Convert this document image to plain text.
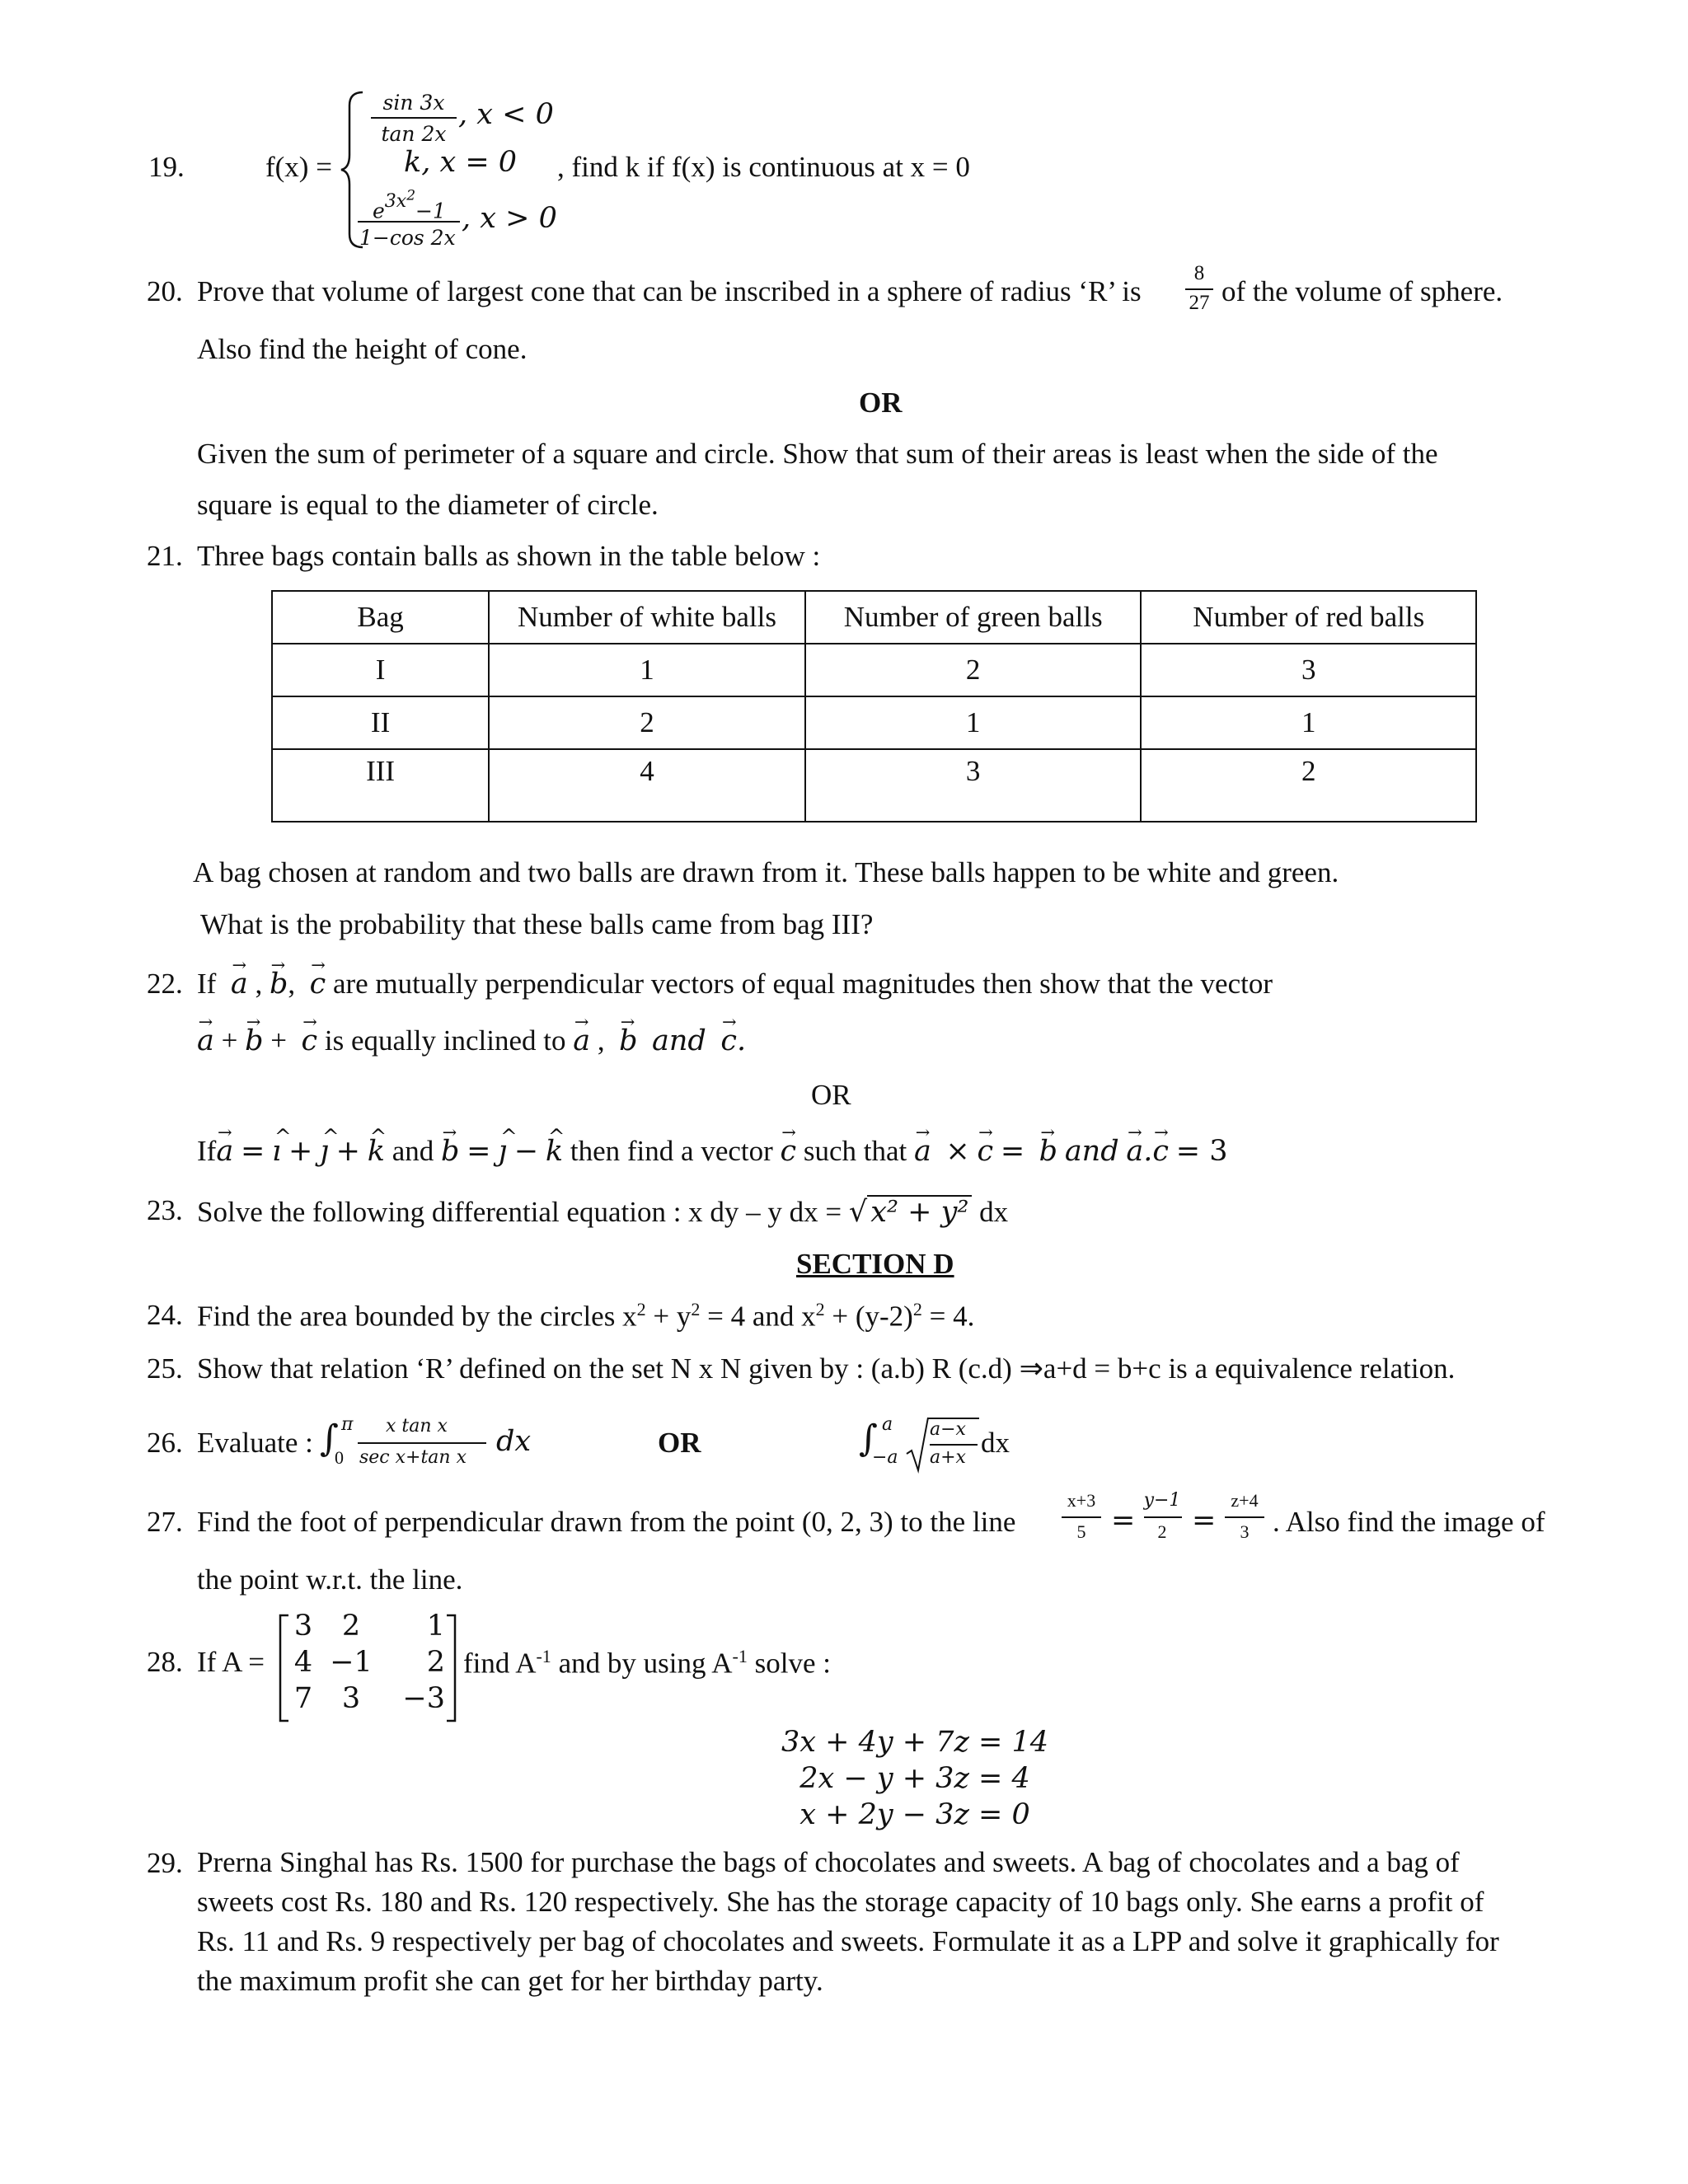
19.	f(x) =
sin 3x
tan 2x
, x < 0
k, x = 0
$e^{3x^2}-1$
1−cos 2x
, x > 0
, find k if f(x) is continuous at x = 0
20. Prove that volume of largest cone that can be inscribed in a sphere of radius ‘R’ is
8
27 of the volume of sphere.
Also find the height of cone.
OR
Given the sum of perimeter of a square and circle. Show that sum of their areas is least when the side of the
square is equal to the diameter of circle.
21. Three bags contain balls as shown in the table below :
Bag	Number of white balls	Number of green balls	Number of red balls
I	1	2	3
II	2	1	1
III	4	3	2
A bag chosen at random and two balls are drawn from it. These balls happen to be white and green.
What is the probability that these balls came from bag III?
22. If → a , → b, → c are mutually perpendicular vectors of equal magnitudes then show that the vector
→ a + → b + → c is equally inclined to → a , → b and → c.
OR
If→ a = ^ ı + ^ ȷ + ^ k and → b = ^ ȷ − ^ k then find a vector → c such that → a × → c = → b and → a.→ c = 3
23. Solve the following differential equation : x dy – y dx = √ x² + y² dx
SECTION D
24. Find the area bounded by the circles $x^2 + y^2 = 4$ and $x^2 + (y-2)^2 = 4$.
25. Show that relation ‘R’ defined on the set N x N given by : (a.b) R (c.d) ⇒a+d = b+c is a equivalence relation.
26. Evaluate : ∫ π
0
x tan x
sec x+tan x dx	OR	∫ a
−a
a−x
a+x dx
27. Find the foot of perpendicular drawn from the point (0, 2, 3) to the line
x+3
5 =
y−1
2 =
z+4
3 . Also find the image of
the point w.r.t. the line.
28. If A =
3	2	1
4 −1	2
7	3	−3
find $A^{-1}$ and by using $A^{-1}$ solve :
3x + 4y + 7z = 14
2x − y + 3z = 4
x + 2y − 3z = 0
29. Prerna Singhal has Rs. 1500 for purchase the bags of chocolates and sweets. A bag of chocolates and a bag of
sweets cost Rs. 180 and Rs. 120 respectively. She has the storage capacity of 10 bags only. She earns a profit of
Rs. 11 and Rs. 9 respectively per bag of chocolates and sweets. Formulate it as a LPP and solve it graphically for
the maximum profit she can get for her birthday party.
